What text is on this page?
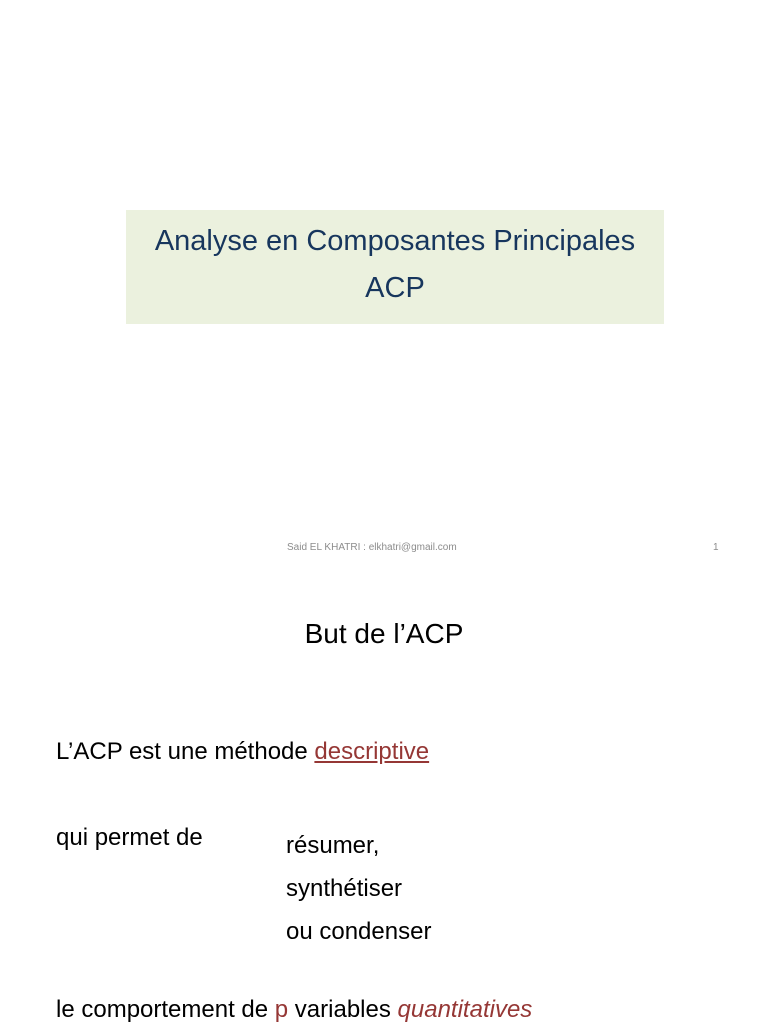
Analyse en Composantes Principales
ACP
Said EL KHATRI : elkhatri@gmail.com	1
But de l’ACP
L’ACP est une méthode descriptive
qui permet de	résumer,
synthétiser
ou condenser
le comportement de p variables quantitatives
